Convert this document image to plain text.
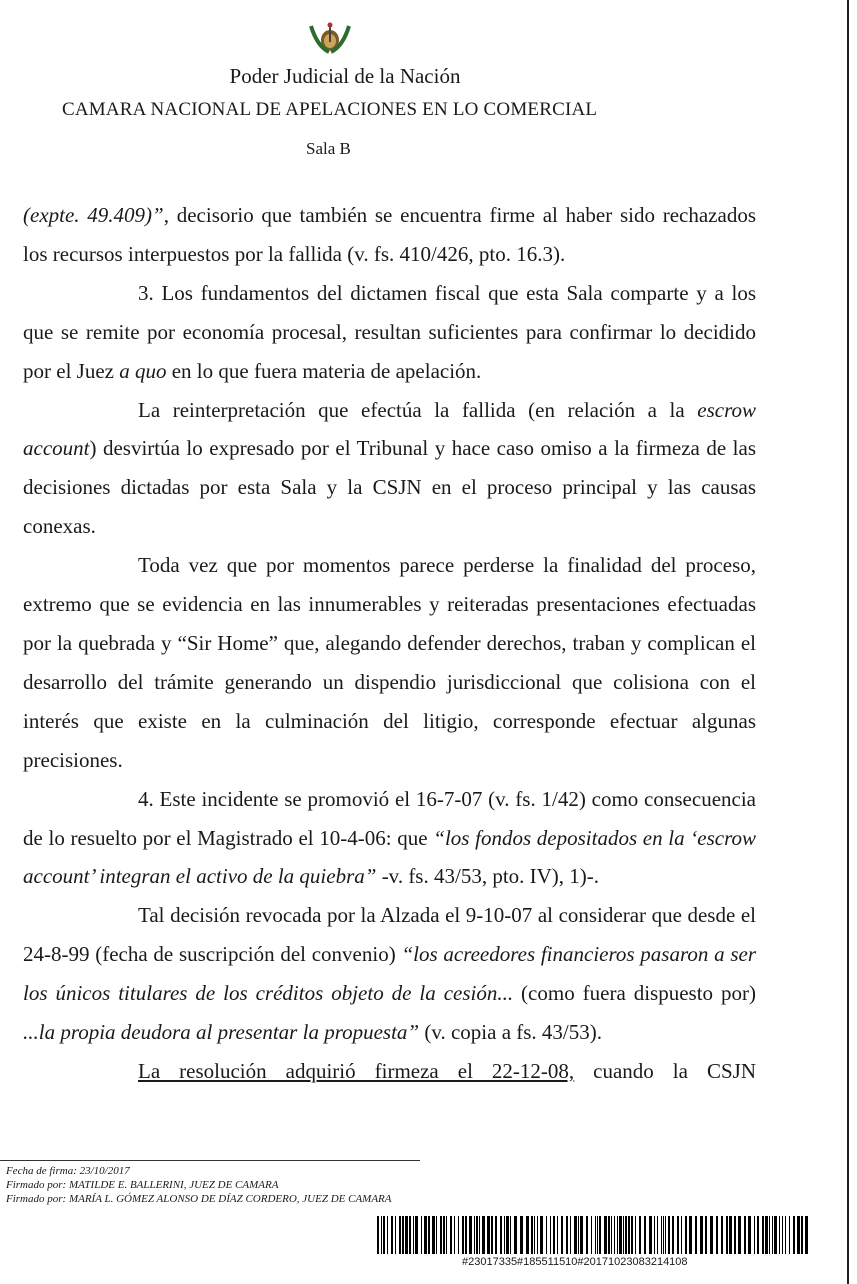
Poder Judicial de la Nación
CAMARA NACIONAL DE APELACIONES EN LO COMERCIAL
Sala B

(expte. 49.409)”, decisorio que también se encuentra firme al haber sido rechazados los recursos interpuestos por la fallida (v. fs. 410/426, pto. 16.3).

3. Los fundamentos del dictamen fiscal que esta Sala comparte y a los que se remite por economía procesal, resultan suficientes para confirmar lo decidido por el Juez a quo en lo que fuera materia de apelación.

La reinterpretación que efectúa la fallida (en relación a la escrow account) desvirtúa lo expresado por el Tribunal y hace caso omiso a la firmeza de las decisiones dictadas por esta Sala y la CSJN en el proceso principal y las causas conexas.

Toda vez que por momentos parece perderse la finalidad del proceso, extremo que se evidencia en las innumerables y reiteradas presentaciones efectuadas por la quebrada y “Sir Home” que, alegando defender derechos, traban y complican el desarrollo del trámite generando un dispendio jurisdiccional que colisiona con el interés que existe en la culminación del litigio, corresponde efectuar algunas precisiones.

4. Este incidente se promovió el 16-7-07 (v. fs. 1/42) como consecuencia de lo resuelto por el Magistrado el 10-4-06: que “los fondos depositados en la ‘escrow account’ integran el activo de la quiebra” -v. fs. 43/53, pto. IV), 1)-.

Tal decisión revocada por la Alzada el 9-10-07 al considerar que desde el 24-8-99 (fecha de suscripción del convenio) “los acreedores financieros pasaron a ser los únicos titulares de los créditos objeto de la cesión... (como fuera dispuesto por) ...la propia deudora al presentar la propuesta” (v. copia a fs. 43/53).

La resolución adquirió firmeza el 22-12-08, cuando la CSJN

Fecha de firma: 23/10/2017
Firmado por: MATILDE E. BALLERINI, JUEZ DE CAMARA
Firmado por: MARÍA L. GÓMEZ ALONSO DE DÍAZ CORDERO, JUEZ DE CAMARA
#23017335#185511510#20171023083214108
